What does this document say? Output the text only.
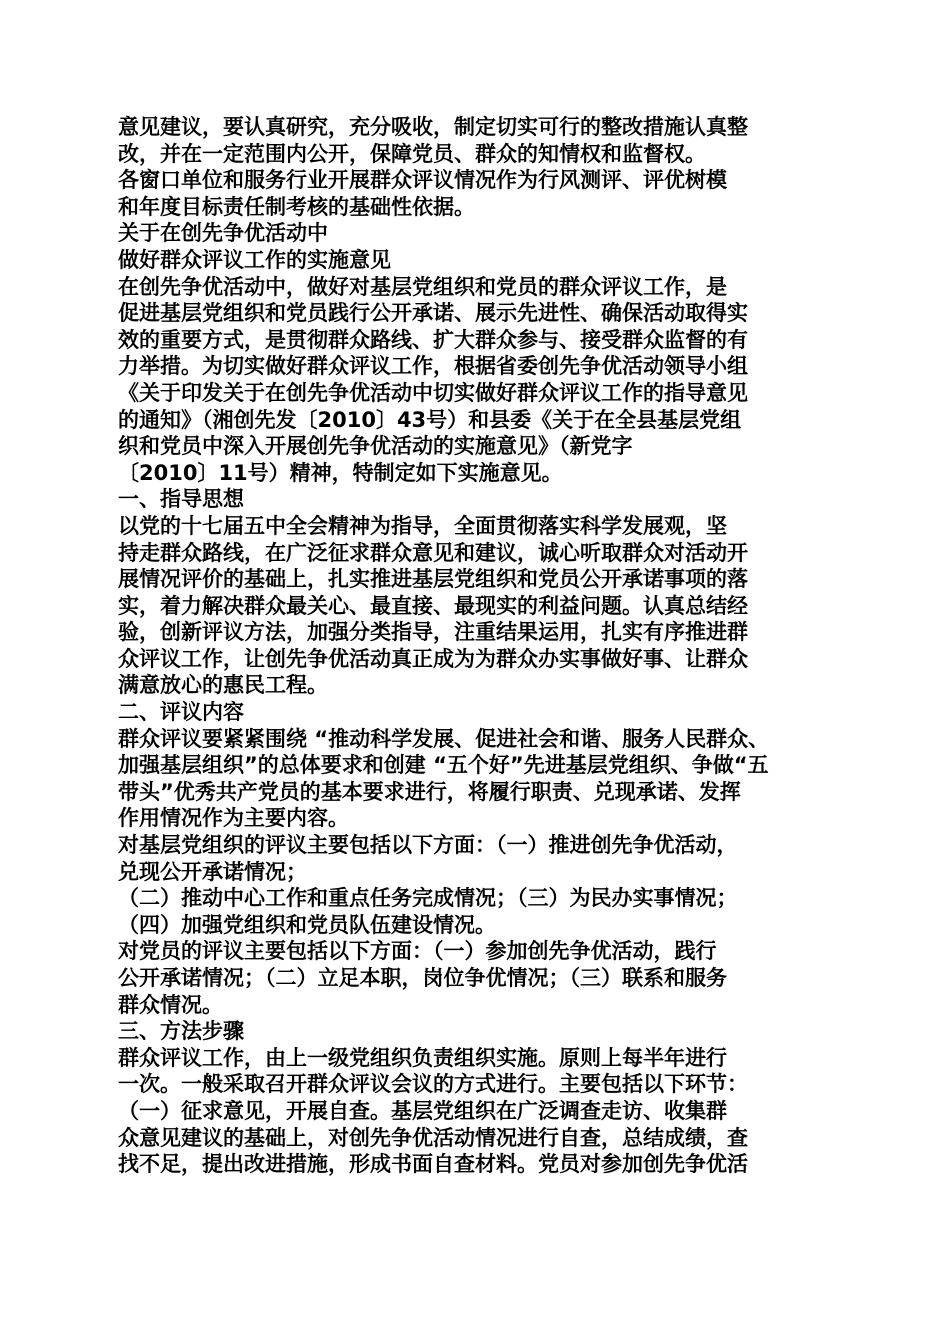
意见建议，要认真研究，充分吸收，制定切实可行的整改措施认真整
改，并在一定范围内公开，保障党员、群众的知情权和监督权。
各窗口单位和服务行业开展群众评议情况作为行风测评、评优树模
和年度目标责任制考核的基础性依据。
关于在创先争优活动中
做好群众评议工作的实施意见
在创先争优活动中，做好对基层党组织和党员的群众评议工作，是
促进基层党组织和党员践行公开承诺、展示先进性、确保活动取得实
效的重要方式，是贯彻群众路线、扩大群众参与、接受群众监督的有
力举措。为切实做好群众评议工作，根据省委创先争优活动领导小组
《关于印发关于在创先争优活动中切实做好群众评议工作的指导意见
的通知》（湘创先发〔2010〕43号）和县委《关于在全县基层党组
织和党员中深入开展创先争优活动的实施意见》（新党字
〔2010〕11号）精神，特制定如下实施意见。
一、指导思想
以党的十七届五中全会精神为指导，全面贯彻落实科学发展观，坚
持走群众路线，在广泛征求群众意见和建议，诚心听取群众对活动开
展情况评价的基础上，扎实推进基层党组织和党员公开承诺事项的落
实，着力解决群众最关心、最直接、最现实的利益问题。认真总结经
验，创新评议方法，加强分类指导，注重结果运用，扎实有序推进群
众评议工作，让创先争优活动真正成为为群众办实事做好事、让群众
满意放心的惠民工程。
二、评议内容
群众评议要紧紧围绕 “推动科学发展、促进社会和谐、服务人民群众、
加强基层组织”的总体要求和创建 “五个好”先进基层党组织、争做“五
带头”优秀共产党员的基本要求进行，将履行职责、兑现承诺、发挥
作用情况作为主要内容。
对基层党组织的评议主要包括以下方面：（一）推进创先争优活动，
兑现公开承诺情况；
（二）推动中心工作和重点任务完成情况；（三）为民办实事情况；
（四）加强党组织和党员队伍建设情况。
对党员的评议主要包括以下方面：（一）参加创先争优活动，践行
公开承诺情况；（二）立足本职，岗位争优情况；（三）联系和服务
群众情况。
三、方法步骤
群众评议工作，由上一级党组织负责组织实施。原则上每半年进行
一次。一般采取召开群众评议会议的方式进行。主要包括以下环节：
（一）征求意见，开展自查。基层党组织在广泛调查走访、收集群
众意见建议的基础上，对创先争优活动情况进行自查，总结成绩，查
找不足，提出改进措施，形成书面自查材料。党员对参加创先争优活
